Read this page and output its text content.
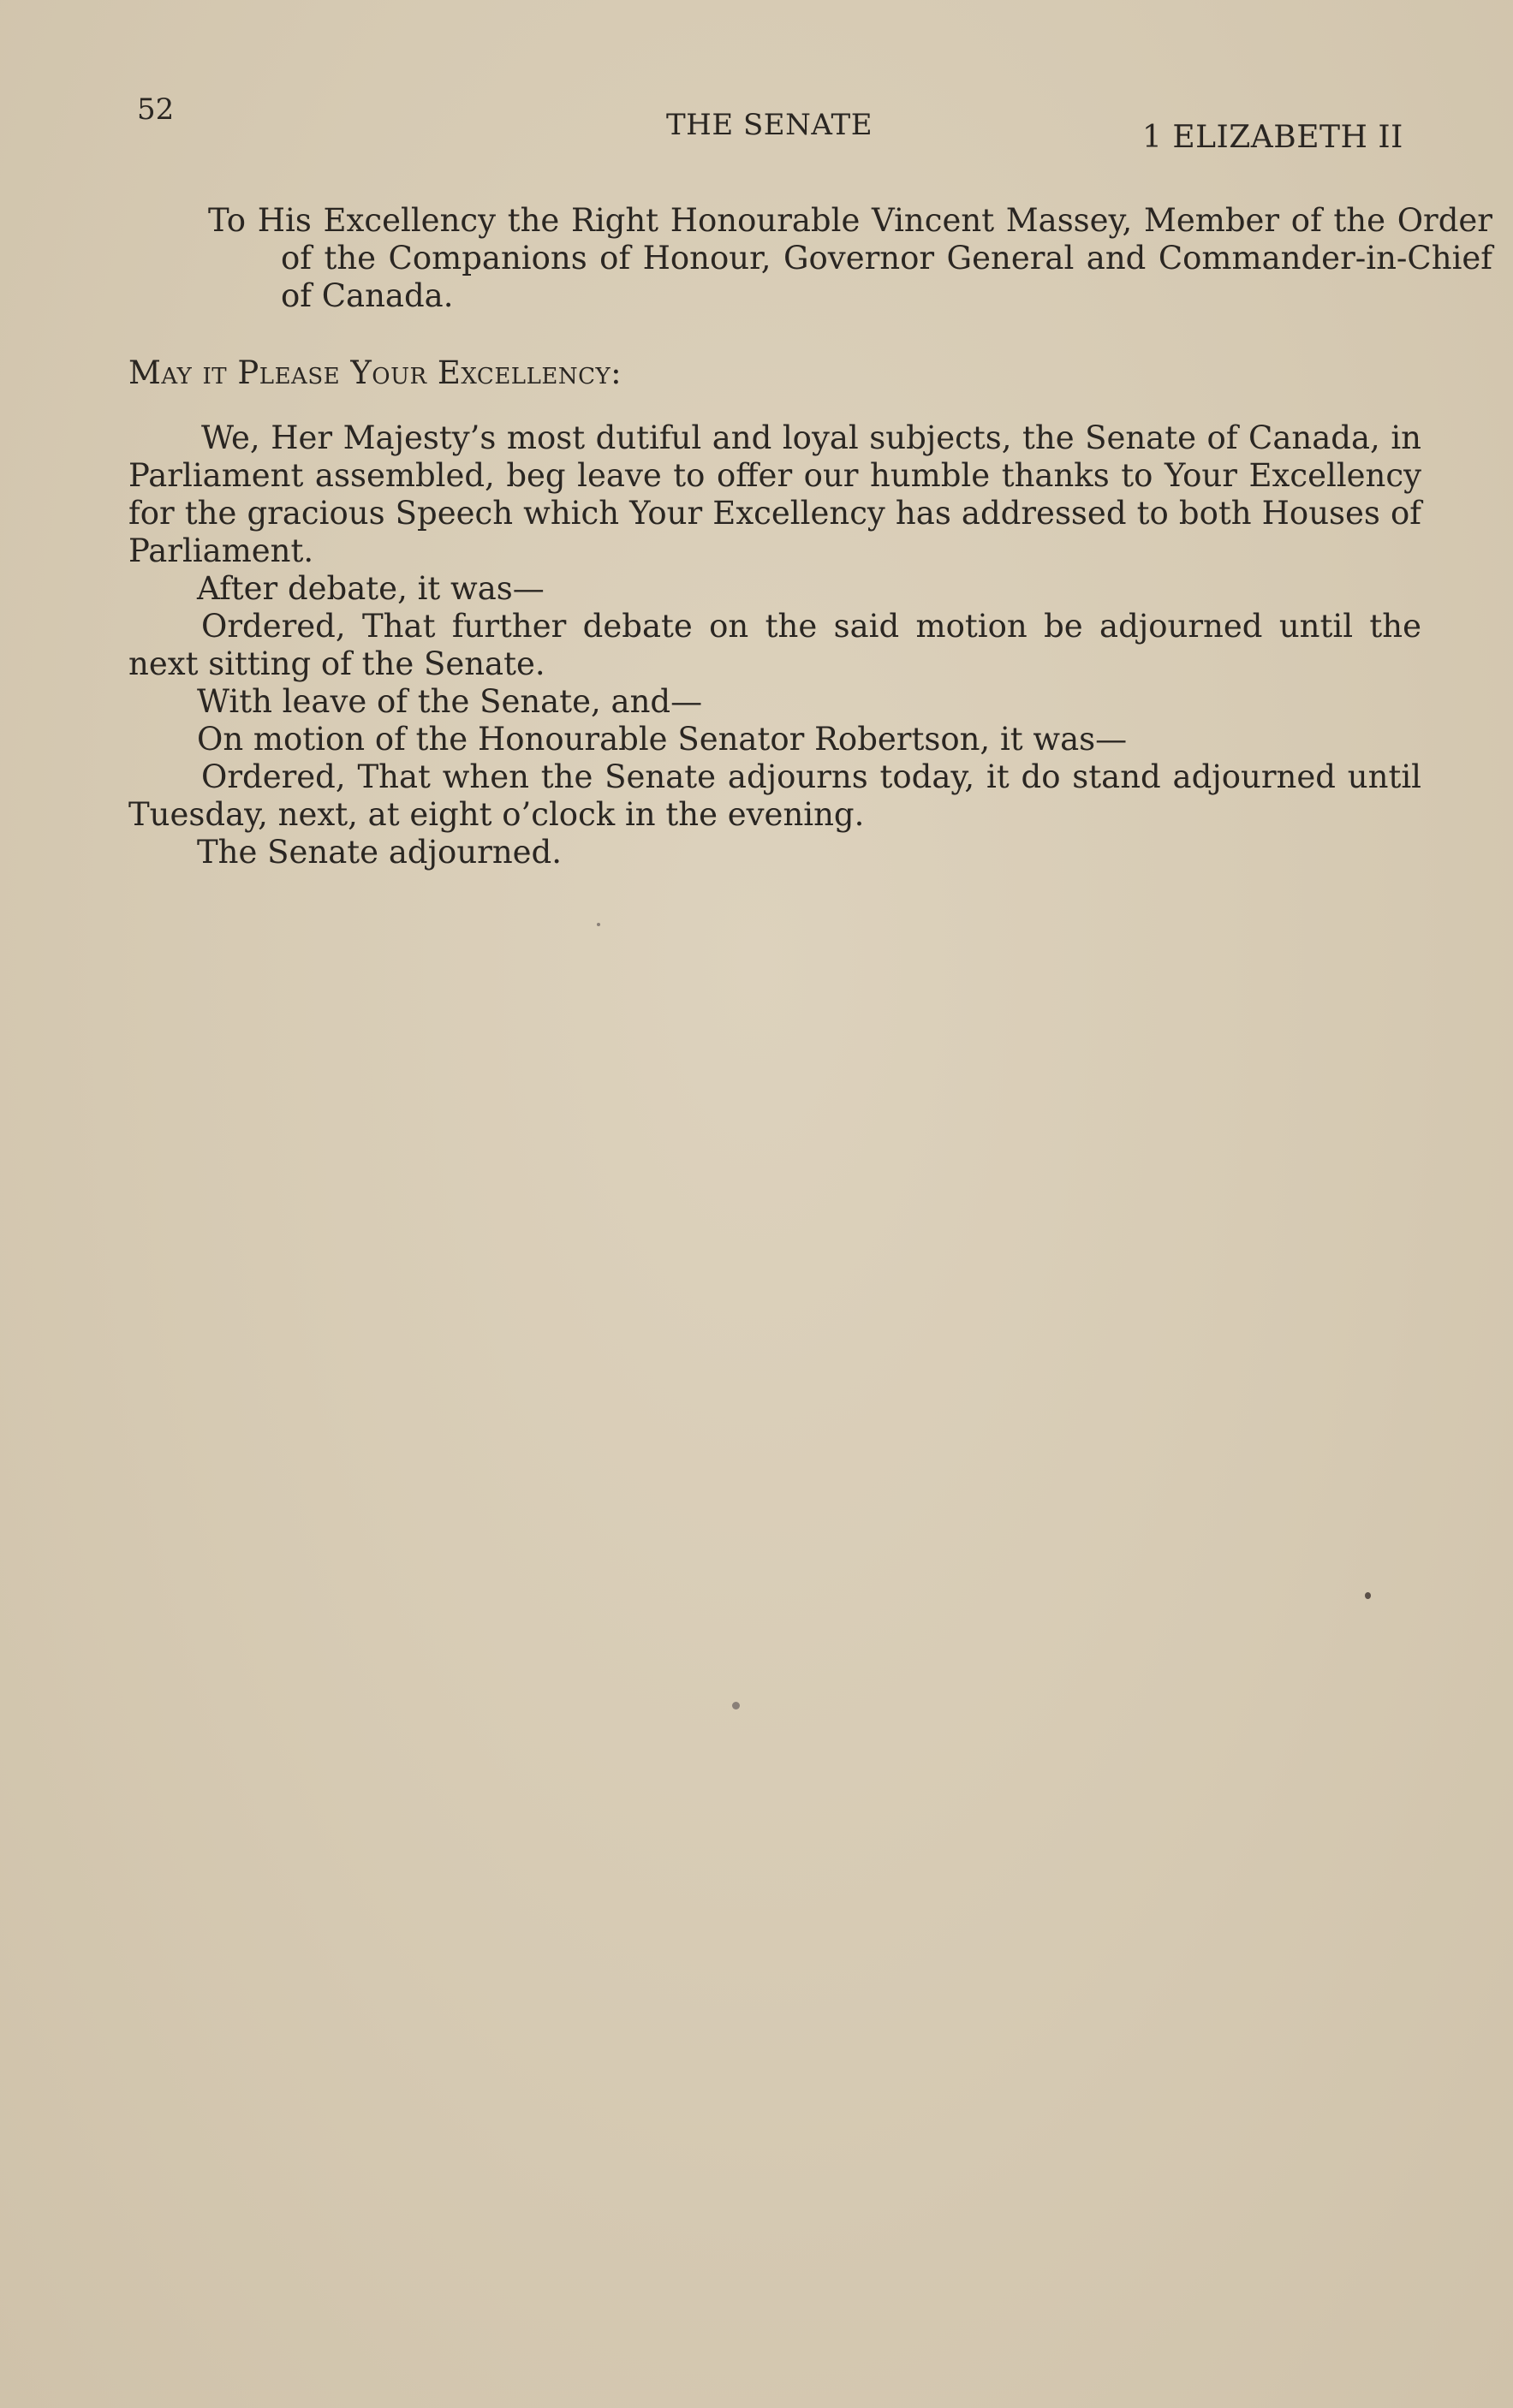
52	THE SENATE	1 ELIZABETH II
To His Excellency the Right Honourable Vincent Massey, Member of the Order of the Companions of Honour, Governor General and Commander-in-Chief of Canada.
May it Please Your Excellency:

We, Her Majesty’s most dutiful and loyal subjects, the Senate of Canada, in Parliament assembled, beg leave to offer our humble thanks to Your Excellency for the gracious Speech which Your Excellency has addressed to both Houses of Parliament.

After debate, it was—

Ordered, That further debate on the said motion be adjourned until the next sitting of the Senate.

With leave of the Senate, and—

On motion of the Honourable Senator Robertson, it was—

Ordered, That when the Senate adjourns today, it do stand adjourned until Tuesday, next, at eight o’clock in the evening.

The Senate adjourned.
